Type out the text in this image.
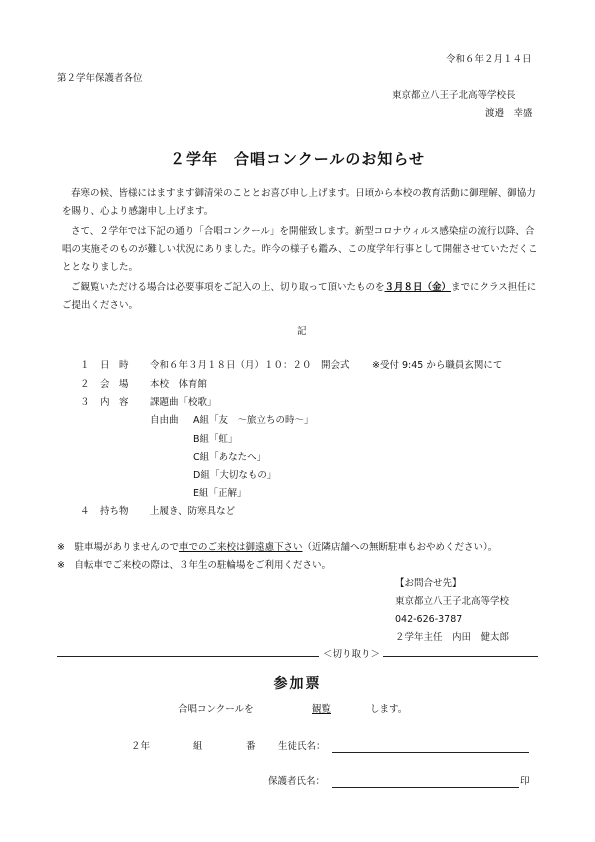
令和６年２月１４日
第２学年保護者各位
東京都立八王子北高等学校長
渡邉　幸盛
２学年　合唱コンクールのお知らせ
春寒の候、皆様にはますます御清栄のこととお喜び申し上げます。日頃から本校の教育活動に御理解、御協力を賜り、心より感謝申し上げます。
さて、２学年では下記の通り「合唱コンクール」を開催致します。新型コロナウィルス感染症の流行以降、合唱の実施そのものが難しい状況にありました。昨今の様子も鑑み、この度学年行事として開催させていただくこととなりました。
ご観覧いただける場合は必要事項をご記入の上、切り取って頂いたものを３月８日（金）までにクラス担任にご提出ください。
記
１ 日　時 令和６年３月１８日（月）１０：２０　開会式 ※受付 9:45 から職員玄関にて
２ 会　場 本校　体育館
３ 内　容 課題曲「校歌」
自由曲 A組「友　～旅立ちの時～」
B組「虹」
C組「あなたへ」
D組「大切なもの」
E組「正解」
４ 持ち物 上履き、防寒具など
※　駐車場がありませんので車でのご来校は御遠慮下さい（近隣店舗への無断駐車もおやめください）。
※　自転車でご来校の際は、３年生の駐輪場をご利用ください。
【お問合せ先】
東京都立八王子北高等学校
042-626-3787
２学年主任　内田　健太郎
＜切り取り＞
参加票
合唱コンクールを	観覧	します。
２年	組	番 生徒氏名：
保護者氏名：	印
